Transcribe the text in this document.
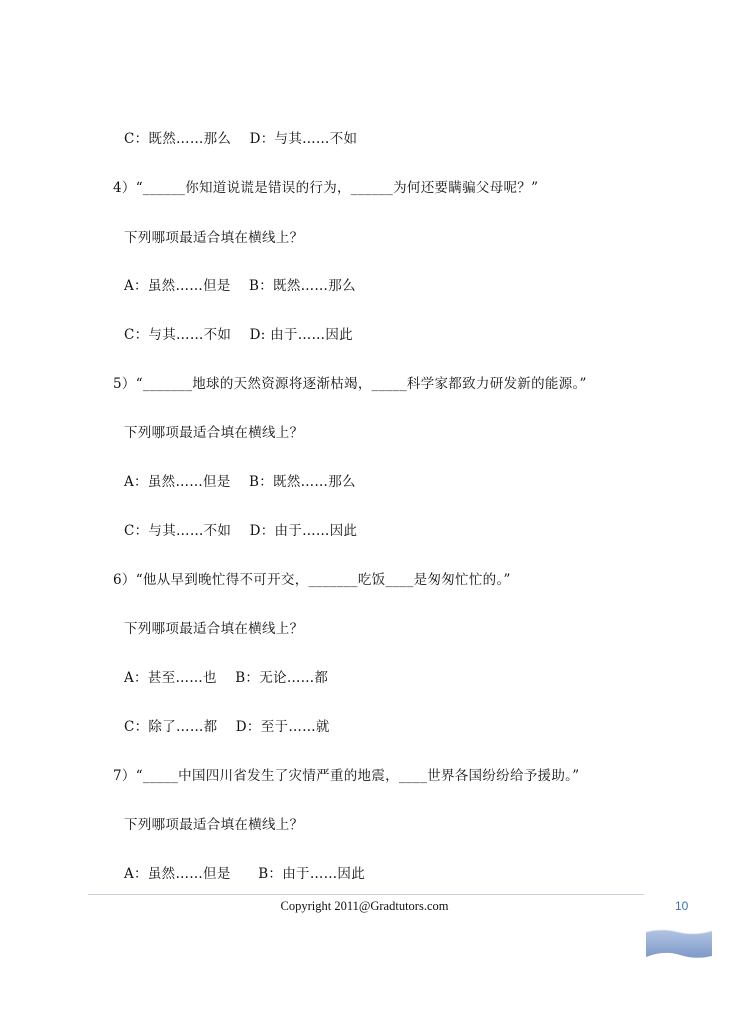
C：既然……那么    D：与其……不如
4）“______你知道说谎是错误的行为，______为何还要瞒骗父母呢？”
下列哪项最适合填在横线上？
A：虽然……但是    B：既然……那么
C：与其……不如    D: 由于……因此
5）“_______地球的天然资源将逐渐枯竭，_____科学家都致力研发新的能源。”
下列哪项最适合填在横线上？
A：虽然……但是    B：既然……那么
C：与其……不如    D：由于……因此
6）“他从早到晚忙得不可开交，_______吃饭____是匆匆忙忙的。”
下列哪项最适合填在横线上？
A：甚至……也    B：无论……都
C：除了……都    D：至于……就
7）“_____中国四川省发生了灾情严重的地震，____世界各国纷纷给予援助。”
下列哪项最适合填在横线上？
A：虽然……但是      B：由于……因此
Copyright 2011@Gradtutors.com	10
